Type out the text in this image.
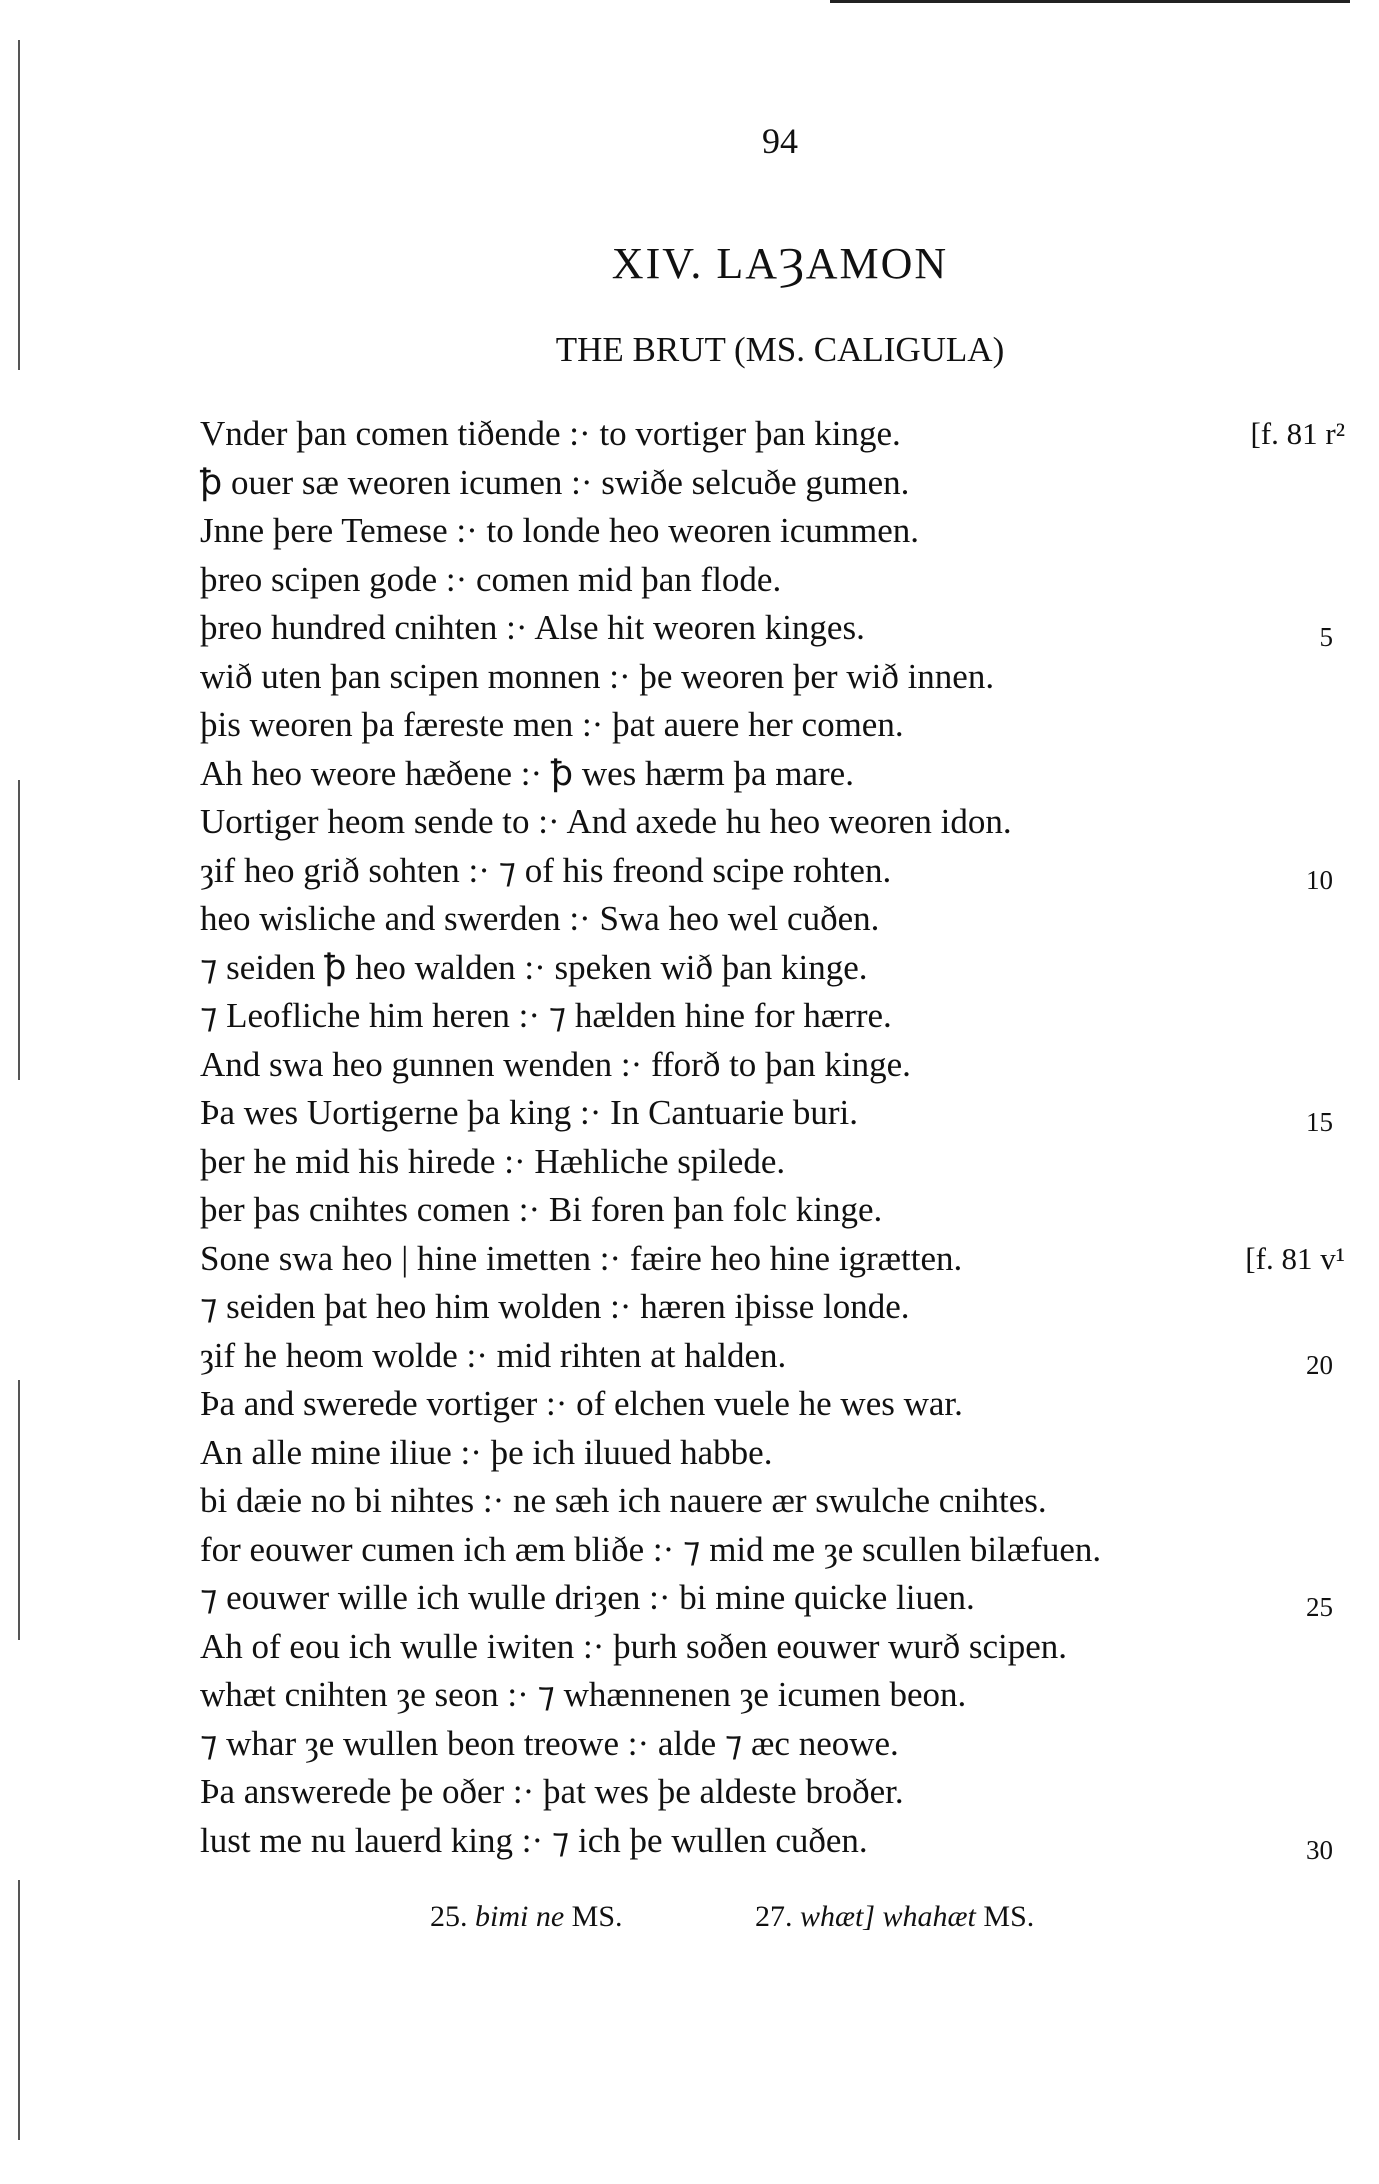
94
XIV. LAȜAMON
THE BRUT (MS. CALIGULA)
Vnder þan comen tiðende :· to vortiger þan kinge.	[f. 81 r²
ꝥ ouer sæ weoren icumen :· swiðe selcuðe gumen.
Jnne þere Temese :· to londe heo weoren icummen.
þreo scipen gode :· comen mid þan flode.
þreo hundred cnihten :· Alse hit weoren kinges.	5
wið uten þan scipen monnen :· þe weoren þer wið innen.
þis weoren þa færeste men :· þat auere her comen.
Ah heo weore hæðene :· ꝥ wes hærm þa mare.
Uortiger heom sende to :· And axede hu heo weoren idon.
ȝif heo grið sohten :· ⁊ of his freond scipe rohten.	10
heo wisliche and swerden :· Swa heo wel cuðen.
⁊ seiden ꝥ heo walden :· speken wið þan kinge.
⁊ Leofliche him heren :· ⁊ hælden hine for hærre.
And swa heo gunnen wenden :· fforð to þan kinge.
Þa wes Uortigerne þa king :· In Cantuarie buri.	15
þer he mid his hirede :· Hæhliche spilede.
þer þas cnihtes comen :· Bi foren þan folc kinge.
Sone swa heo | hine imetten :· fæire heo hine igrætten.	[f. 81 v¹
⁊ seiden þat heo him wolden :· hæren iþisse londe.
ȝif he heom wolde :· mid rihten at halden.	20
Þa and swerede vortiger :· of elchen vuele he wes war.
An alle mine iliue :· þe ich iluued habbe.
bi dæie no bi nihtes :· ne sæh ich nauere ær swulche cnihtes.
for eouwer cumen ich æm bliðe :· ⁊ mid me ȝe scullen bilæfuen.
⁊ eouwer wille ich wulle driȝen :· bi mine quicke liuen.	25
Ah of eou ich wulle iwiten :· þurh soðen eouwer wurð scipen.
whæt cnihten ȝe seon :· ⁊ whænnenen ȝe icumen beon.
⁊ whar ȝe wullen beon treowe :· alde ⁊ æc neowe.
Þa answerede þe oðer :· þat wes þe aldeste broðer.
lust me nu lauerd king :· ⁊ ich þe wullen cuðen.	30
25. bimi ne MS.	27. whæt] whahæt MS.
